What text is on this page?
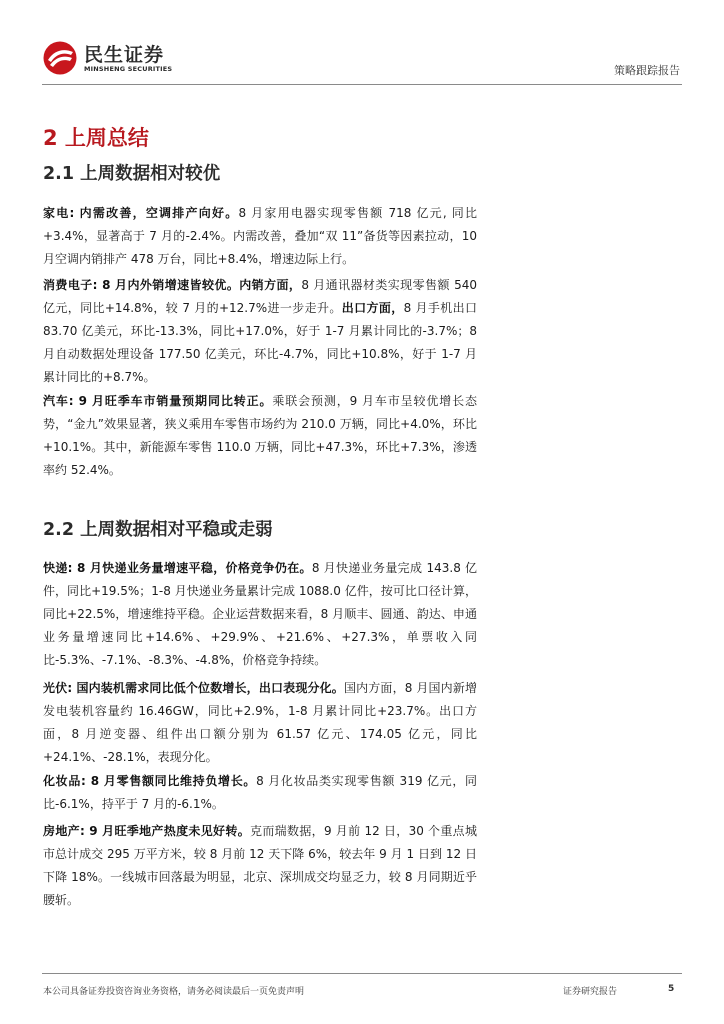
民生证券
MINSHENG SECURITIES	策略跟踪报告
2 上周总结
2.1 上周数据相对较优
家电: 内需改善，空调排产向好。8 月家用电器实现零售额 718 亿元, 同比+3.4%，显著高于 7 月的-2.4%。内需改善，叠加“双 11”备货等因素拉动，10 月空调内销排产 478 万台，同比+8.4%，增速边际上行。
消费电子: 8 月内外销增速皆较优。内销方面，8 月通讯器材类实现零售额 540 亿元，同比+14.8%，较 7 月的+12.7%进一步走升。出口方面，8 月手机出口 83.70 亿美元，环比-13.3%，同比+17.0%，好于 1-7 月累计同比的-3.7%；8 月自动数据处理设备 177.50 亿美元，环比-4.7%，同比+10.8%，好于 1-7 月累计同比的+8.7%。
汽车: 9 月旺季车市销量预期同比转正。乘联会预测，9 月车市呈较优增长态势，“金九”效果显著，狭义乘用车零售市场约为 210.0 万辆，同比+4.0%，环比+10.1%。其中，新能源车零售 110.0 万辆，同比+47.3%，环比+7.3%，渗透率约 52.4%。
2.2 上周数据相对平稳或走弱
快递: 8 月快递业务量增速平稳，价格竞争仍在。8 月快递业务量完成 143.8 亿件，同比+19.5%；1-8 月快递业务量累计完成 1088.0 亿件，按可比口径计算，同比+22.5%，增速维持平稳。企业运营数据来看，8 月顺丰、圆通、韵达、申通业务量增速同比+14.6%、+29.9%、+21.6%、+27.3%，单票收入同比-5.3%、-7.1%、-8.3%、-4.8%，价格竞争持续。
光伏: 国内装机需求同比低个位数增长，出口表现分化。国内方面，8 月国内新增发电装机容量约 16.46GW，同比+2.9%，1-8 月累计同比+23.7%。出口方面，8 月逆变器、组件出口额分别为 61.57 亿元、174.05 亿元，同比+24.1%、-28.1%，表现分化。
化妆品: 8 月零售额同比维持负增长。8 月化妆品类实现零售额 319 亿元，同比-6.1%，持平于 7 月的-6.1%。
房地产: 9 月旺季地产热度未见好转。克而瑞数据，9 月前 12 日，30 个重点城市总计成交 295 万平方米，较 8 月前 12 天下降 6%，较去年 9 月 1 日到 12 日下降 18%。一线城市回落最为明显，北京、深圳成交均显乏力，较 8 月同期近乎腰斩。
本公司具备证券投资咨询业务资格，请务必阅读最后一页免责声明	证券研究报告	5
